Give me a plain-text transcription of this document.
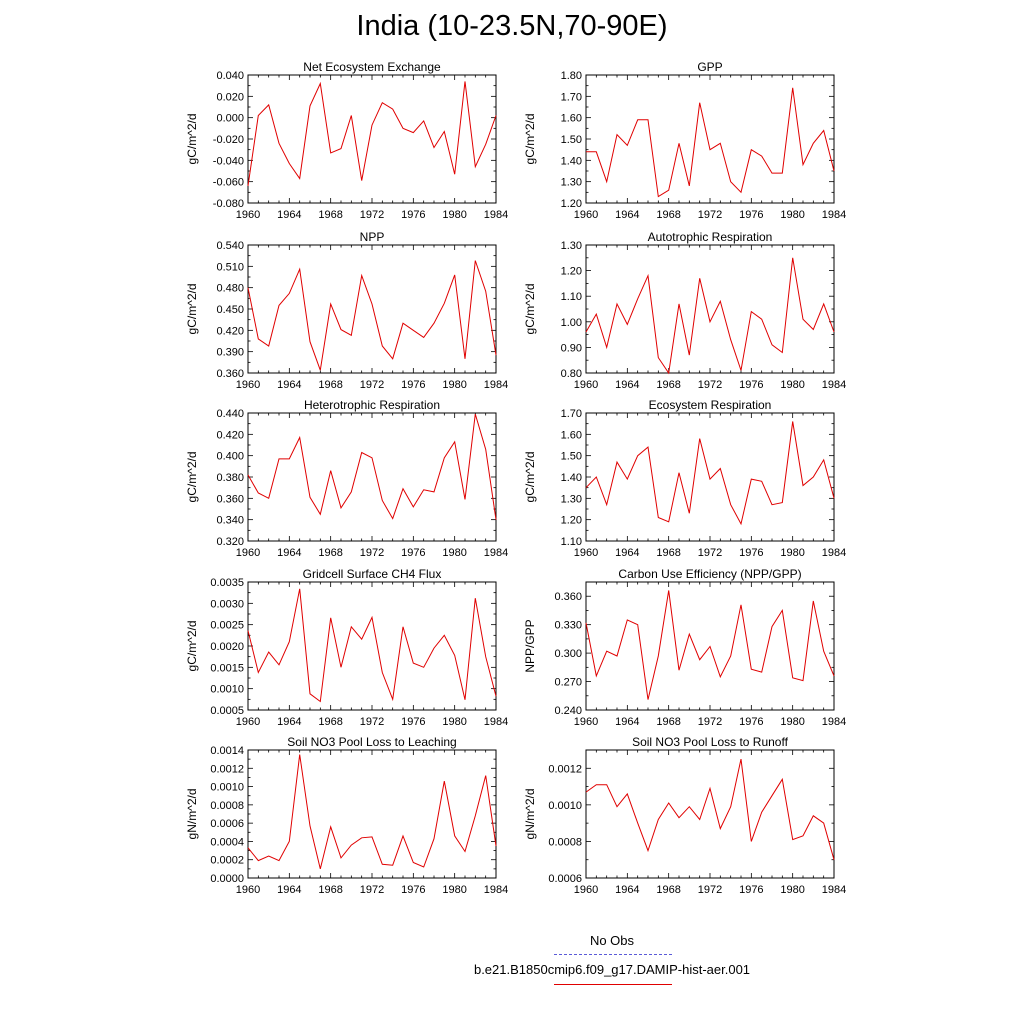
India (10-23.5N,70-90E)
Net Ecosystem Exchange
gC/m^2/d
1960 1964 1968 1972 1976 1980 1984
-0.080
-0.060
-0.040
-0.020
0.000
0.020
0.040
GPP
gC/m^2/d
1960 1964 1968 1972 1976 1980 1984
1.20
1.30
1.40
1.50
1.60
1.70
1.80
NPP
gC/m^2/d
1960 1964 1968 1972 1976 1980 1984
0.360
0.390
0.420
0.450
0.480
0.510
0.540
Autotrophic Respiration
gC/m^2/d
1960 1964 1968 1972 1976 1980 1984
0.80
0.90
1.00
1.10
1.20
1.30
Heterotrophic Respiration
gC/m^2/d
1960 1964 1968 1972 1976 1980 1984
0.320
0.340
0.360
0.380
0.400
0.420
0.440
Ecosystem Respiration
gC/m^2/d
1960 1964 1968 1972 1976 1980 1984
1.10
1.20
1.30
1.40
1.50
1.60
1.70
Gridcell Surface CH4 Flux
gC/m^2/d
1960 1964 1968 1972 1976 1980 1984
0.0005
0.0010
0.0015
0.0020
0.0025
0.0030
0.0035
Carbon Use Efficiency (NPP/GPP)
NPP/GPP
1960 1964 1968 1972 1976 1980 1984
0.240
0.270
0.300
0.330
0.360
Soil NO3 Pool Loss to Leaching
gN/m^2/d
1960 1964 1968 1972 1976 1980 1984
0.0000
0.0002
0.0004
0.0006
0.0008
0.0010
0.0012
0.0014
Soil NO3 Pool Loss to Runoff
gN/m^2/d
1960 1964 1968 1972 1976 1980 1984
0.0006
0.0008
0.0010
0.0012
No Obs
b.e21.B1850cmip6.f09_g17.DAMIP-hist-aer.001
